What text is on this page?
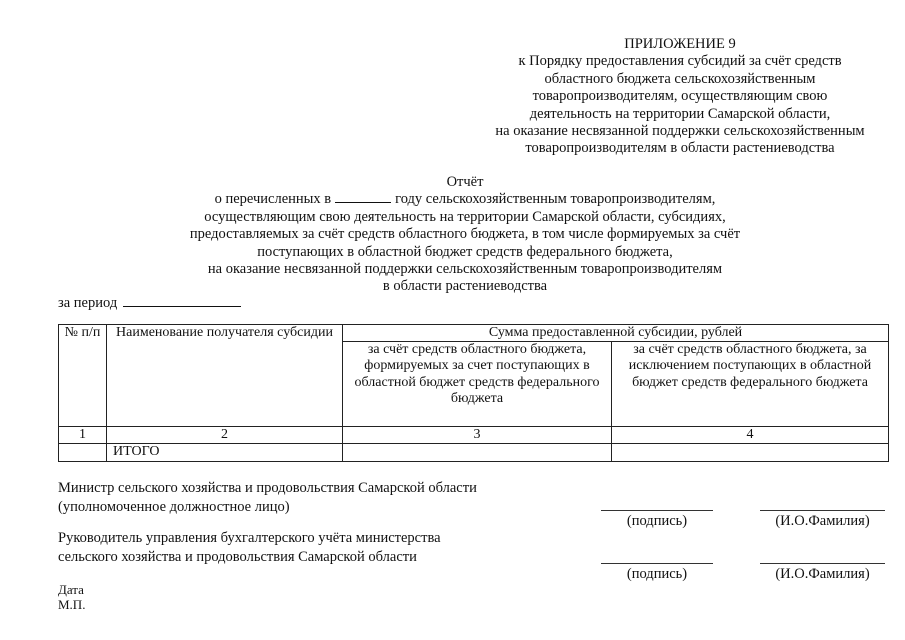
ПРИЛОЖЕНИЕ 9
к Порядку предоставления субсидий за счёт средств
областного бюджета сельскохозяйственным
товаропроизводителям, осуществляющим свою
деятельность на территории Самарской области,
на оказание несвязанной поддержки сельскохозяйственным
товаропроизводителям в области растениеводства
Отчёт
о перечисленных в	году сельскохозяйственным товаропроизводителям,
осуществляющим свою деятельность на территории Самарской области, субсидиях,
предоставляемых за счёт средств областного бюджета, в том числе формируемых за счёт
поступающих в областной бюджет средств федерального бюджета,
на оказание несвязанной поддержки сельскохозяйственным товаропроизводителям
в области растениеводства
за период
№ п/п	Наименование получателя субсидии	Сумма предоставленной субсидии, рублей	
		за счёт средств областного бюджета, формируемых за счет поступающих в областной бюджет средств федерального бюджета	за счёт средств областного бюджета, за исключением поступающих в областной бюджет средств федерального бюджета
1	2	3	4
	ИТОГО		
Министр сельского хозяйства и продовольствия Самарской области
(уполномоченное должностное лицо)
(подпись)	(И.О.Фамилия)
Руководитель управления бухгалтерского учёта министерства
сельского хозяйства и продовольствия Самарской области
(подпись)	(И.О.Фамилия)
Дата
М.П.
